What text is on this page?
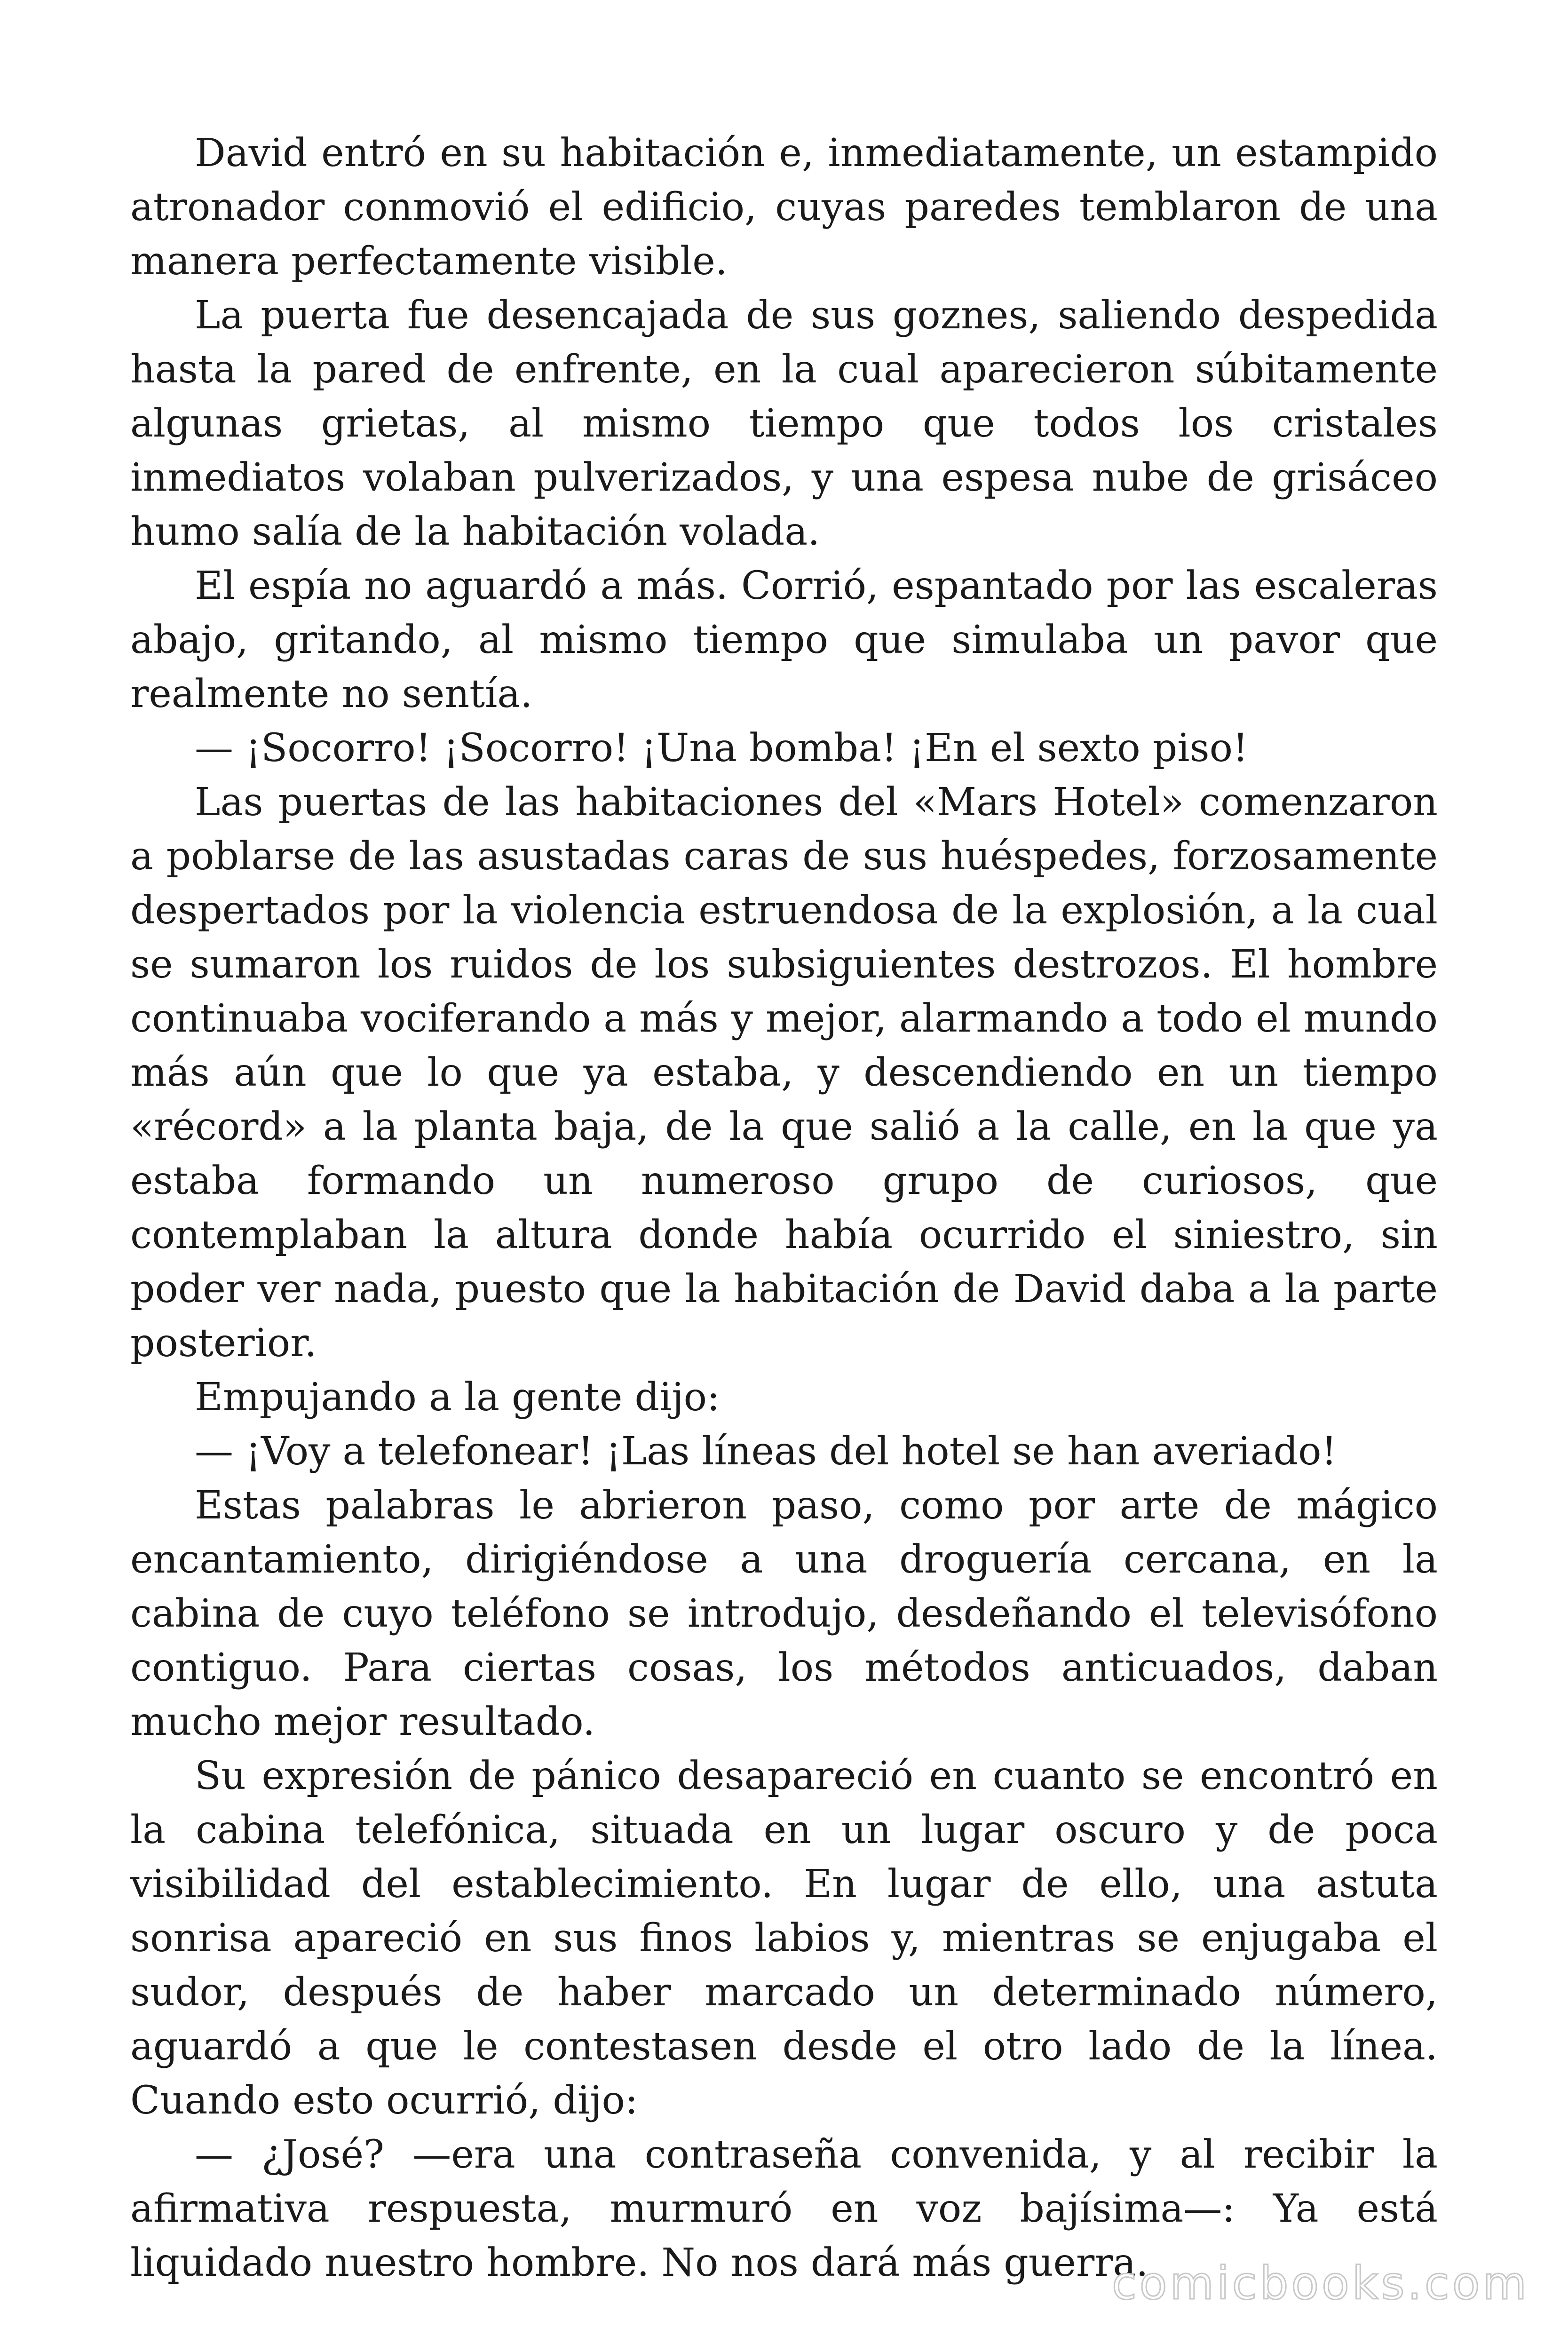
David entró en su habitación e, inmediatamente, un estampido atronador conmovió el edificio, cuyas paredes temblaron de una manera perfectamente visible.

La puerta fue desencajada de sus goznes, saliendo despedida hasta la pared de enfrente, en la cual aparecieron súbitamente algunas grietas, al mismo tiempo que todos los cristales inmediatos volaban pulverizados, y una espesa nube de grisáceo humo salía de la habitación volada.

El espía no aguardó a más. Corrió, espantado por las escaleras abajo, gritando, al mismo tiempo que simulaba un pavor que realmente no sentía.

— ¡Socorro! ¡Socorro! ¡Una bomba! ¡En el sexto piso!

Las puertas de las habitaciones del «Mars Hotel» comenzaron a poblarse de las asustadas caras de sus huéspedes, forzosamente despertados por la violencia estruendosa de la explosión, a la cual se sumaron los ruidos de los subsiguientes destrozos. El hombre continuaba vociferando a más y mejor, alarmando a todo el mundo más aún que lo que ya estaba, y descendiendo en un tiempo «récord» a la planta baja, de la que salió a la calle, en la que ya estaba formando un numeroso grupo de curiosos, que contemplaban la altura donde había ocurrido el siniestro, sin poder ver nada, puesto que la habitación de David daba a la parte posterior.

Empujando a la gente dijo:

— ¡Voy a telefonear! ¡Las líneas del hotel se han averiado!

Estas palabras le abrieron paso, como por arte de mágico encantamiento, dirigiéndose a una droguería cercana, en la cabina de cuyo teléfono se introdujo, desdeñando el televisófono contiguo. Para ciertas cosas, los métodos anticuados, daban mucho mejor resultado.

Su expresión de pánico desapareció en cuanto se encontró en la cabina telefónica, situada en un lugar oscuro y de poca visibilidad del establecimiento. En lugar de ello, una astuta sonrisa apareció en sus finos labios y, mientras se enjugaba el sudor, después de haber marcado un determinado número, aguardó a que le contestasen desde el otro lado de la línea. Cuando esto ocurrió, dijo:

— ¿José? —era una contraseña convenida, y al recibir la afirmativa respuesta, murmuró en voz bajísima—: Ya está liquidado nuestro hombre. No nos dará más guerra.

comicbooks.com
